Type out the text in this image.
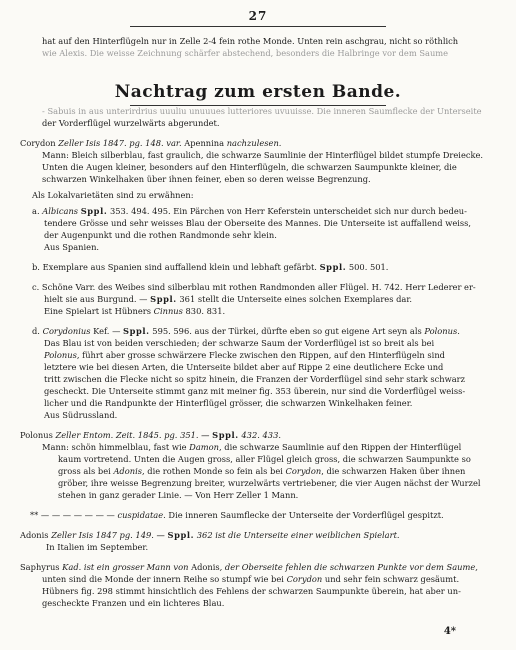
27
Nachtrag zum ersten Bande.
hat auf den Hinterflügeln nur in Zelle 2-4 fein rothe Monde. Unten rein aschgrau, nicht so röthlich
wie Alexis. Die weisse Zeichnung schärfer abstechend, besonders die Halbringe vor dem Saume
- Sabuis in aus unterirdrius uuuliu unuuues lutteriores uvuuisse. Die inneren Saumflecke der Unterseite
der Vorderflügel wurzelwärts abgerundet.
Corydon Zeller Isis 1847. pg. 148. var. Apennina nachzulesen.
Mann: Bleich silberblau, fast graulich, die schwarze Saumlinie der Hinterflügel bildet stumpfe Dreiecke.
Unten die Augen kleiner, besonders auf den Hinterflügeln, die schwarzen Saumpunkte kleiner, die
schwarzen Winkelhaken über ihnen feiner, eben so deren weisse Begrenzung.
Als Lokalvarietäten sind zu erwähnen:
a. Albicans Sppl. 353. 494. 495. Ein Pärchen von Herr Keferstein unterscheidet sich nur durch bedeu-
tendere Grösse und sehr weisses Blau der Oberseite des Mannes. Die Unterseite ist auffallend weiss,
der Augenpunkt und die rothen Randmonde sehr klein.
Aus Spanien.
b. Exemplare aus Spanien sind auffallend klein und lebhaft gefärbt. Sppl. 500. 501.
c. Schöne Varr. des Weibes sind silberblau mit rothen Randmonden aller Flügel. H. 742. Herr Lederer er-
hielt sie aus Burgund. — Sppl. 361 stellt die Unterseite eines solchen Exemplares dar.
Eine Spielart ist Hübners Cinnus 830. 831.
d. Corydonius Kef. — Sppl. 595. 596. aus der Türkei, dürfte eben so gut eigene Art seyn als Polonus.
Das Blau ist von beiden verschieden; der schwarze Saum der Vorderflügel ist so breit als bei
Polonus, führt aber grosse schwärzere Flecke zwischen den Rippen, auf den Hinterflügeln sind
letztere wie bei diesen Arten, die Unterseite bildet aber auf Rippe 2 eine deutlichere Ecke und
tritt zwischen die Flecke nicht so spitz hinein, die Franzen der Vorderflügel sind sehr stark schwarz
gescheckt. Die Unterseite stimmt ganz mit meiner fig. 353 überein, nur sind die Vorderflügel weiss-
licher und die Randpunkte der Hinterflügel grösser, die schwarzen Winkelhaken feiner.
Aus Südrussland.
Polonus Zeller Entom. Zeit. 1845. pg. 351. — Sppl. 432. 433.
Mann: schön himmelblau, fast wie Damon, die schwarze Saumlinie auf den Rippen der Hinterflügel
kaum vortretend. Unten die Augen gross, aller Flügel gleich gross, die schwarzen Saumpunkte so
gross als bei Adonis, die rothen Monde so fein als bei Corydon, die schwarzen Haken über ihnen
gröber, ihre weisse Begrenzung breiter, wurzelwärts vertriebener, die vier Augen nächst der Wurzel
stehen in ganz gerader Linie. — Von Herr Zeller 1 Mann.
** — — — — — — — cuspidatae. Die inneren Saumflecke der Unterseite der Vorderflügel gespitzt.
Adonis Zeller Isis 1847 pg. 149. — Sppl. 362 ist die Unterseite einer weiblichen Spielart.
In Italien im September.
Saphyrus Kad. ist ein grosser Mann von Adonis, der Oberseite fehlen die schwarzen Punkte vor dem Saume,
unten sind die Monde der innern Reihe so stumpf wie bei Corydon und sehr fein schwarz gesäumt.
Hübners fig. 298 stimmt hinsichtlich des Fehlens der schwarzen Saumpunkte überein, hat aber un-
gescheckte Franzen und ein lichteres Blau.
4*
